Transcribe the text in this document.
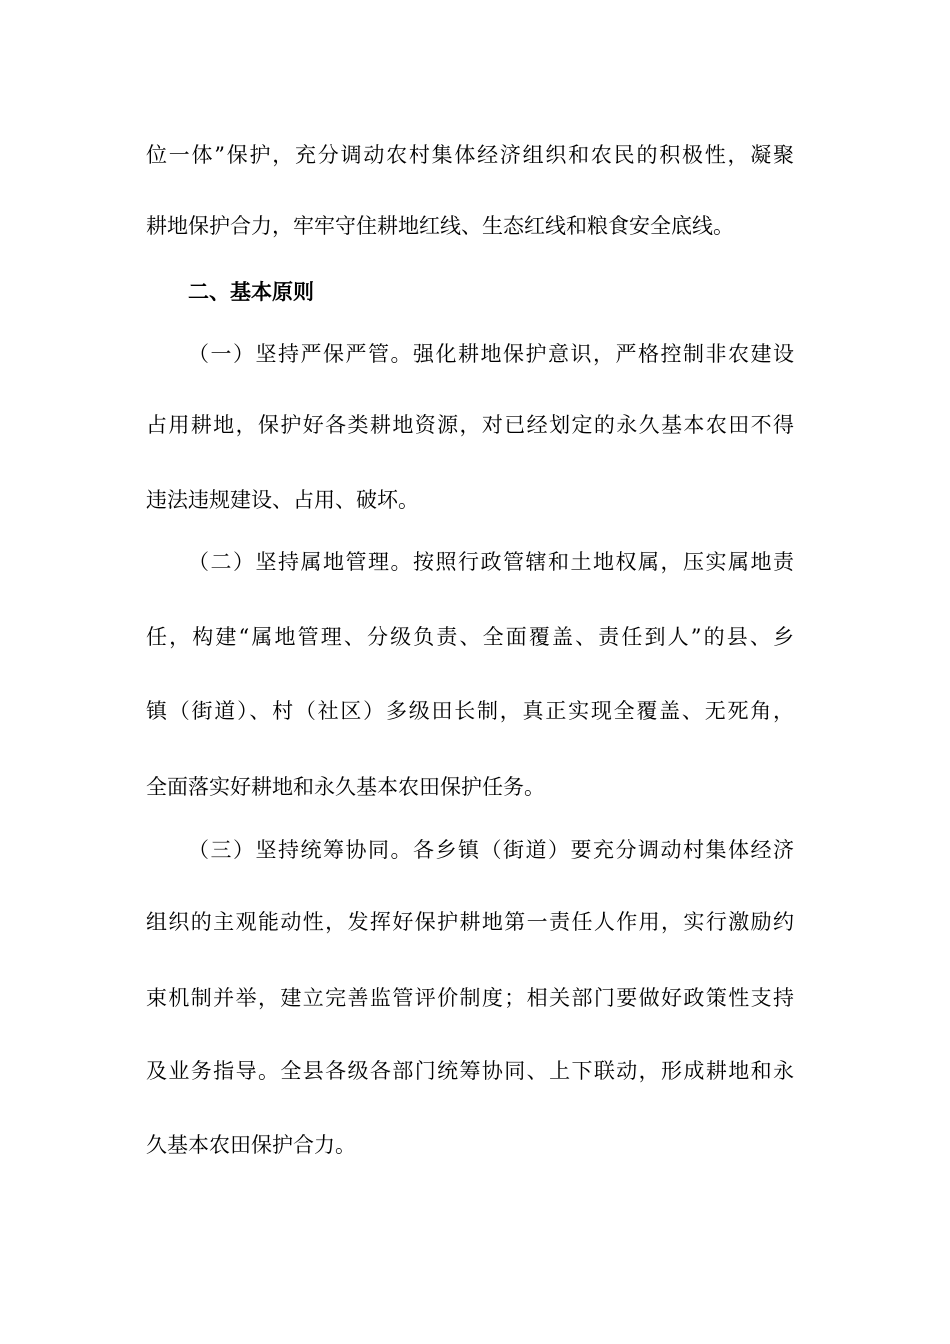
位一体”保护，充分调动农村集体经济组织和农民的积极性，凝聚
耕地保护合力，牢牢守住耕地红线、生态红线和粮食安全底线。
二、基本原则
（一）坚持严保严管。强化耕地保护意识，严格控制非农建设
占用耕地，保护好各类耕地资源，对已经划定的永久基本农田不得
违法违规建设、占用、破坏。
（二）坚持属地管理。按照行政管辖和土地权属，压实属地责
任，构建“属地管理、分级负责、全面覆盖、责任到人”的县、乡
镇（街道）、村（社区）多级田长制，真正实现全覆盖、无死角，
全面落实好耕地和永久基本农田保护任务。
（三）坚持统筹协同。各乡镇（街道）要充分调动村集体经济
组织的主观能动性，发挥好保护耕地第一责任人作用，实行激励约
束机制并举，建立完善监管评价制度；相关部门要做好政策性支持
及业务指导。全县各级各部门统筹协同、上下联动，形成耕地和永
久基本农田保护合力。
